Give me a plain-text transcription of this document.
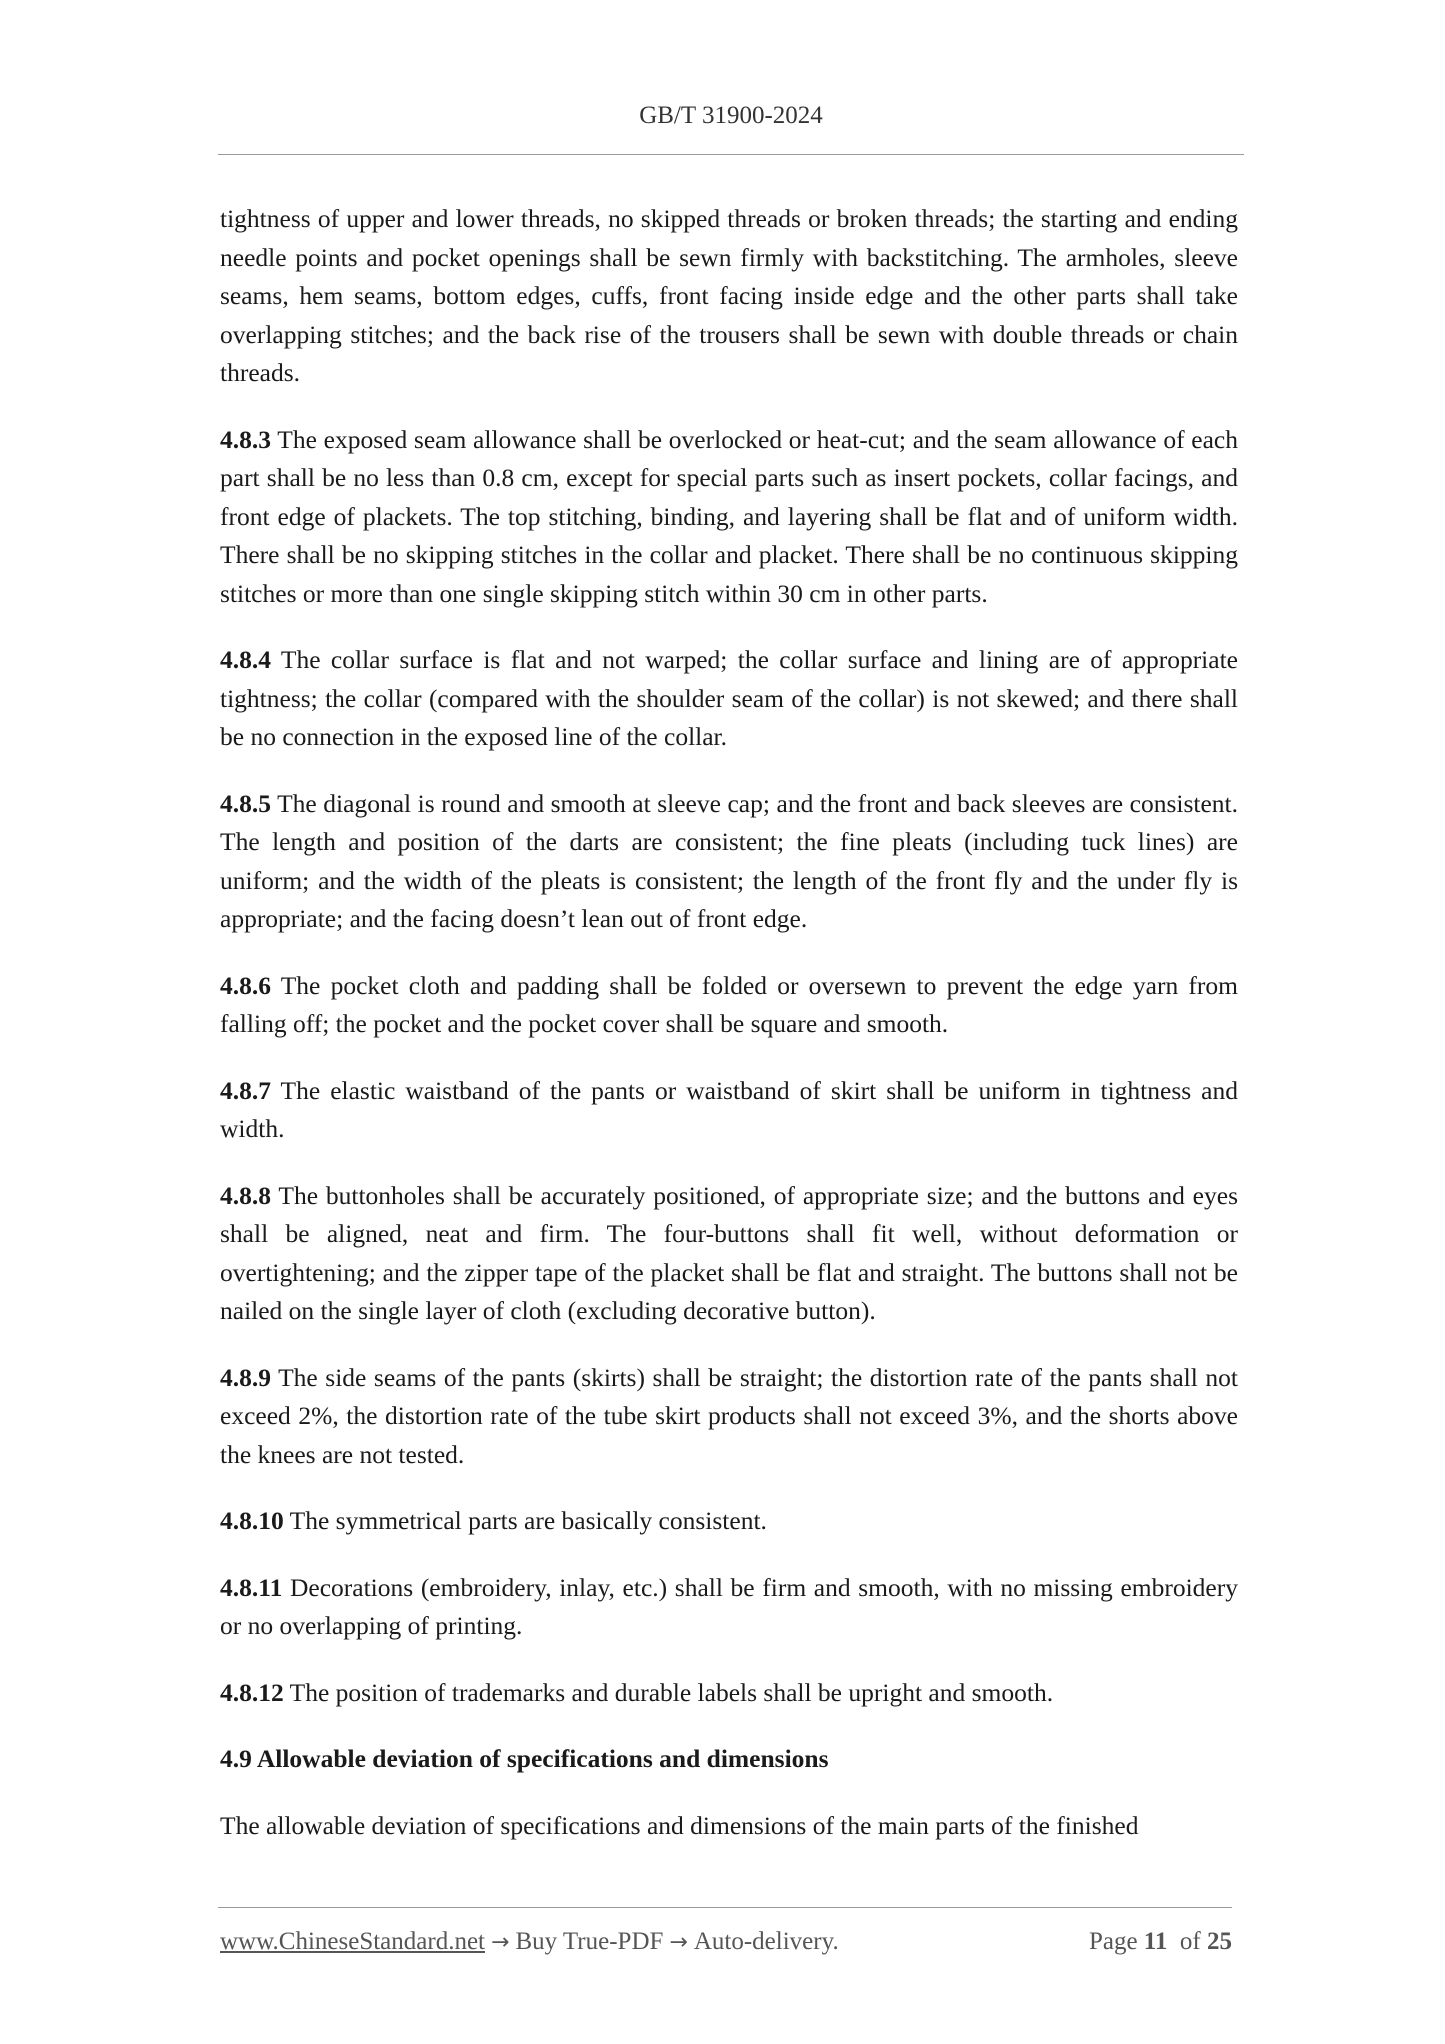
GB/T 31900-2024

tightness of upper and lower threads, no skipped threads or broken threads; the starting and ending needle points and pocket openings shall be sewn firmly with backstitching. The armholes, sleeve seams, hem seams, bottom edges, cuffs, front facing inside edge and the other parts shall take overlapping stitches; and the back rise of the trousers shall be sewn with double threads or chain threads.

4.8.3 The exposed seam allowance shall be overlocked or heat-cut; and the seam allowance of each part shall be no less than 0.8 cm, except for special parts such as insert pockets, collar facings, and front edge of plackets. The top stitching, binding, and layering shall be flat and of uniform width. There shall be no skipping stitches in the collar and placket. There shall be no continuous skipping stitches or more than one single skipping stitch within 30 cm in other parts.

4.8.4 The collar surface is flat and not warped; the collar surface and lining are of appropriate tightness; the collar (compared with the shoulder seam of the collar) is not skewed; and there shall be no connection in the exposed line of the collar.

4.8.5 The diagonal is round and smooth at sleeve cap; and the front and back sleeves are consistent. The length and position of the darts are consistent; the fine pleats (including tuck lines) are uniform; and the width of the pleats is consistent; the length of the front fly and the under fly is appropriate; and the facing doesn’t lean out of front edge.

4.8.6 The pocket cloth and padding shall be folded or oversewn to prevent the edge yarn from falling off; the pocket and the pocket cover shall be square and smooth.

4.8.7 The elastic waistband of the pants or waistband of skirt shall be uniform in tightness and width.

4.8.8 The buttonholes shall be accurately positioned, of appropriate size; and the buttons and eyes shall be aligned, neat and firm. The four-buttons shall fit well, without deformation or overtightening; and the zipper tape of the placket shall be flat and straight. The buttons shall not be nailed on the single layer of cloth (excluding decorative button).

4.8.9 The side seams of the pants (skirts) shall be straight; the distortion rate of the pants shall not exceed 2%, the distortion rate of the tube skirt products shall not exceed 3%, and the shorts above the knees are not tested.

4.8.10 The symmetrical parts are basically consistent.

4.8.11 Decorations (embroidery, inlay, etc.) shall be firm and smooth, with no missing embroidery or no overlapping of printing.

4.8.12 The position of trademarks and durable labels shall be upright and smooth.

4.9 Allowable deviation of specifications and dimensions

The allowable deviation of specifications and dimensions of the main parts of the finished

www.ChineseStandard.net → Buy True-PDF → Auto-delivery.	Page 11 of 25
